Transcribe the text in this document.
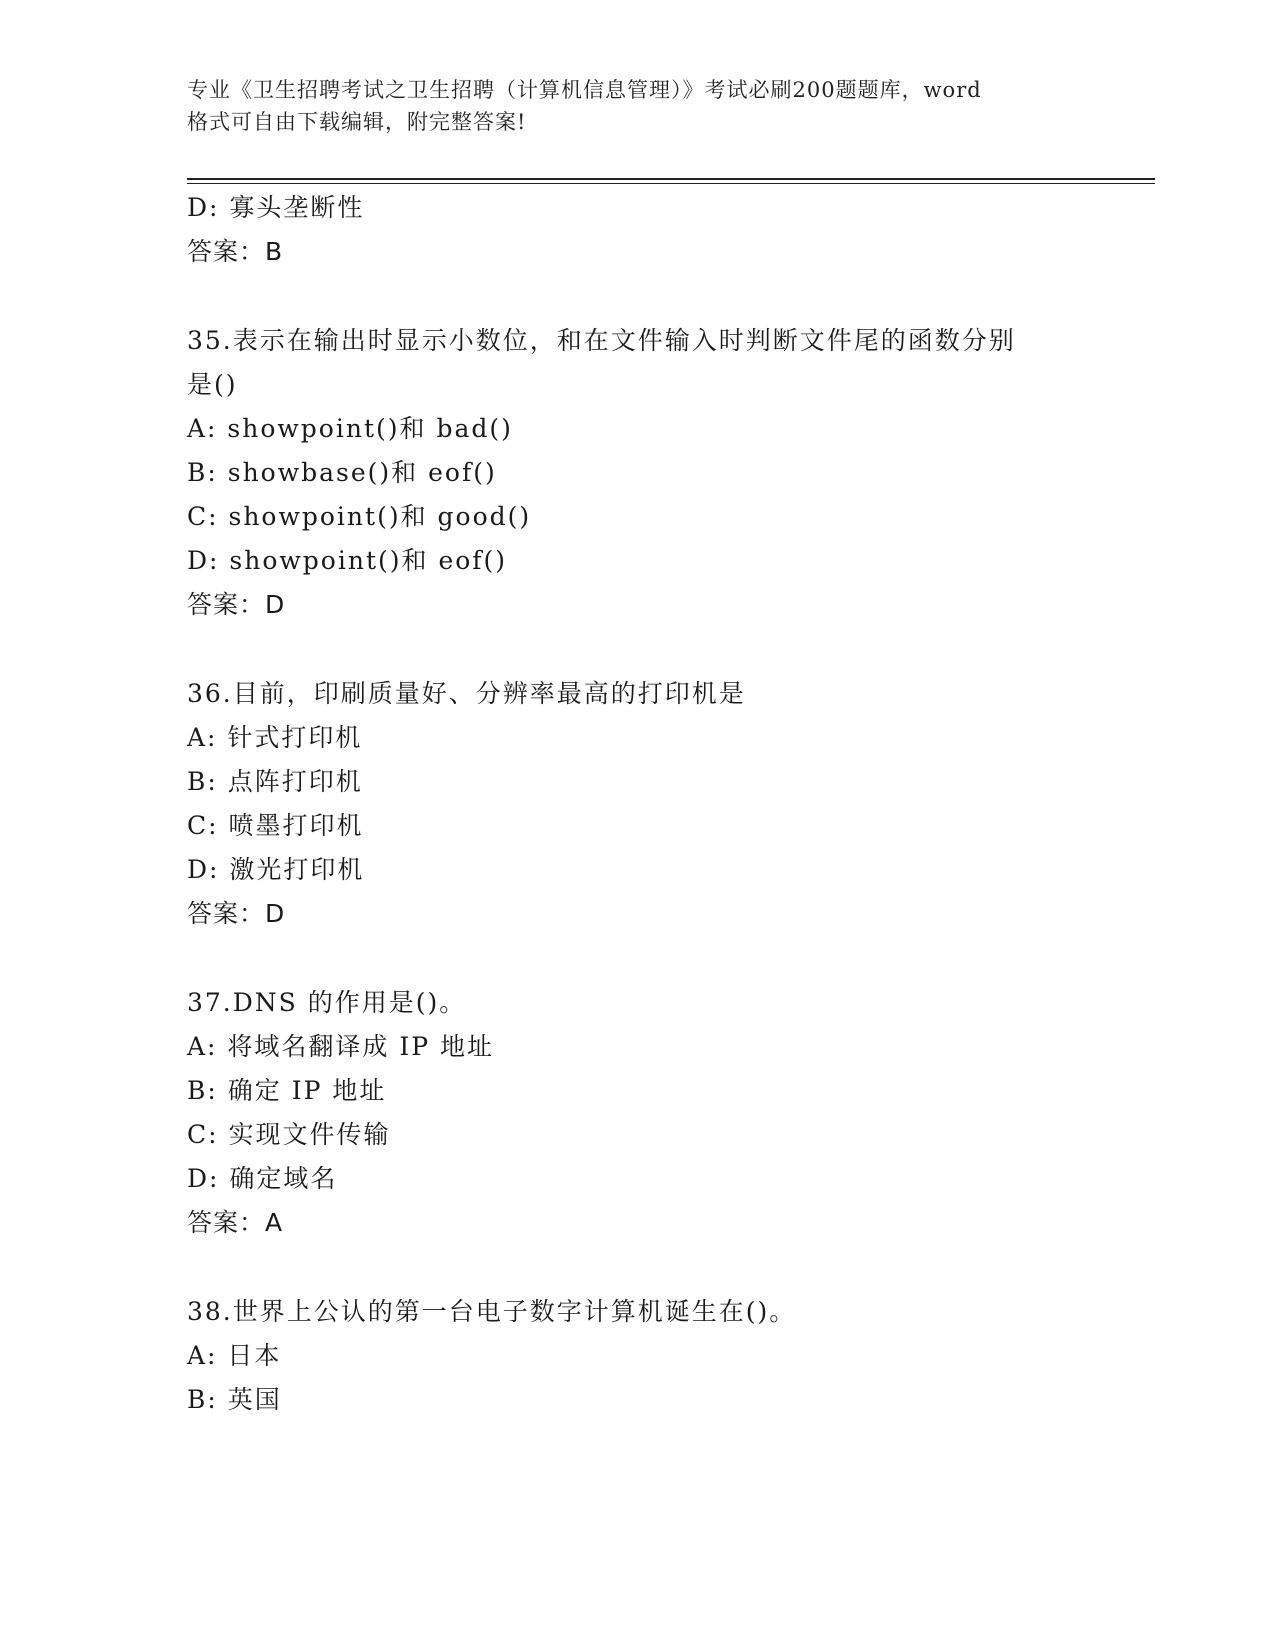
专业《卫生招聘考试之卫生招聘（计算机信息管理）》考试必刷200题题库，word
格式可自由下载编辑，附完整答案!
D: 寡头垄断性
答案：B
35.表示在输出时显示小数位，和在文件输入时判断文件尾的函数分别
是()
A: showpoint()和 bad()
B: showbase()和 eof()
C: showpoint()和 good()
D: showpoint()和 eof()
答案：D
36.目前，印刷质量好、分辨率最高的打印机是
A: 针式打印机
B: 点阵打印机
C: 喷墨打印机
D: 激光打印机
答案：D
37.DNS 的作用是()。
A: 将域名翻译成 IP 地址
B: 确定 IP 地址
C: 实现文件传输
D: 确定域名
答案：A
38.世界上公认的第一台电子数字计算机诞生在()。
A: 日本
B: 英国
